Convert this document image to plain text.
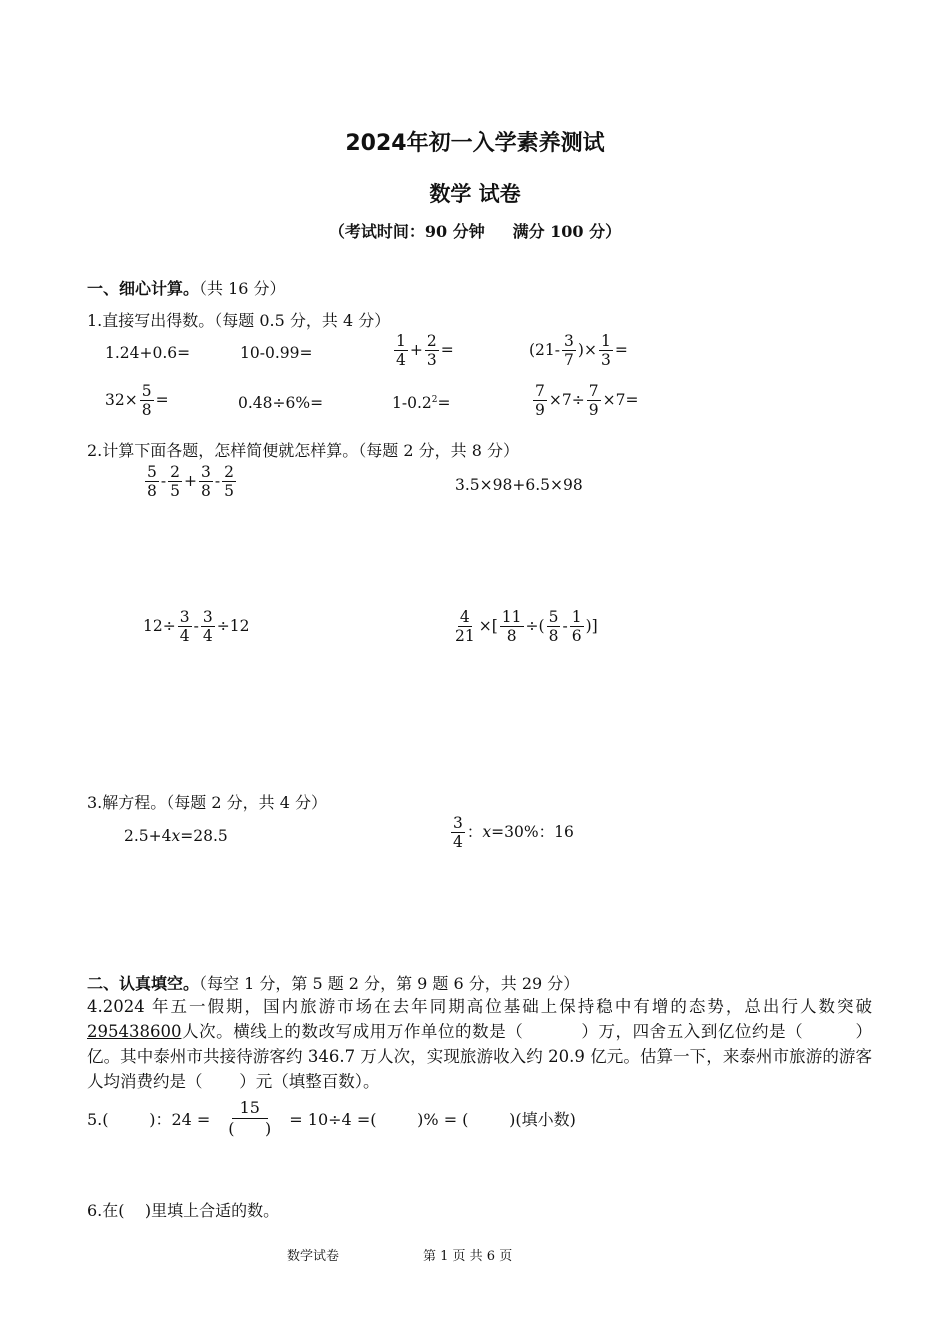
2024年初一入学素养测试
数学 试卷
（考试时间：90 分钟     满分 100 分）
一、细心计算。（共 16 分）
1.直接写出得数。（每题 0.5 分，共 4 分）
1.24+0.6=	10-0.99=	$\frac{1}{4} + \frac{2}{3}$ =	($21- \frac{3}{7}$ )× $\frac{1}{3}$ =
$32\times \frac{5}{8}$ =	0.48÷6%=	$1-0.2^2=$	$\frac{7}{9} \times 7\div \frac{7}{9} \times 7=$
2.计算下面各题，怎样简便就怎样算。（每题 2 分，共 8 分）
$\frac{5}{8} - \frac{2}{5} + \frac{3}{8} - \frac{2}{5}$	3.5×98+6.5×98
$12\div \frac{3}{4} - \frac{3}{4} \div 12$	$\frac{4}{21}$ ×[ $\frac{11}{8}$ ÷( $\frac{5}{8} - \frac{1}{6}$ )]
3.解方程。（每题 2 分，共 4 分）
2.5+4x=28.5	$\frac{3}{4}$ ：x=30%：16
二、认真填空。（每空 1 分，第 5 题 2 分，第 9 题 6 分，共 29 分）
4.2024 年五一假期，国内旅游市场在去年同期高位基础上保持稳中有增的态势，总出行人数突破295438600人次。横线上的数改写成用万作单位的数是（          ）万，四舍五入到亿位约是（         ）亿。其中泰州市共接待游客约 346.7 万人次，实现旅游收入约 20.9 亿元。估算一下，来泰州市旅游的游客人均消费约是（       ）元（填整百数）。
5.(        )：24 =
15
(      )	= 10÷4 =(        )% = (        )(填小数)
6.在(    )里填上合适的数。
数学试卷	第 1 页 共 6 页
